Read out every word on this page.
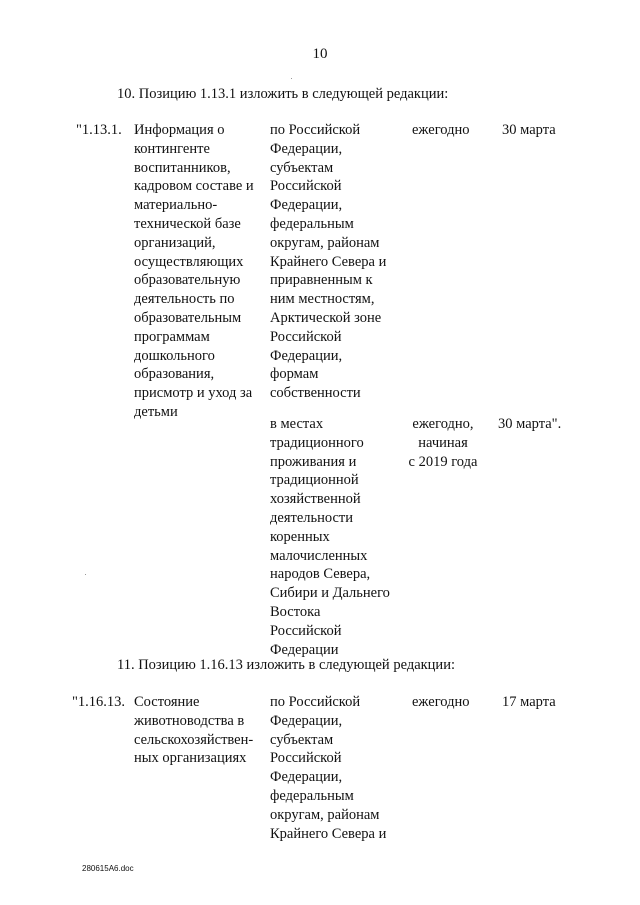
10
10. Позицию 1.13.1 изложить в следующей редакции:
"1.13.1. Информация о
контингенте
воспитанников,
кадровом составе и
материально-
технической базе
организаций,
осуществляющих
образовательную
деятельность по
образовательным
программам
дошкольного
образования,
присмотр и уход за
детьми
по Российской
Федерации,
субъектам
Российской
Федерации,
федеральным
округам, районам
Крайнего Севера и
приравненным к
ним местностям,
Арктической зоне
Российской
Федерации,
формам
собственности
ежегодно	30 марта
в местах
традиционного
проживания и
традиционной
хозяйственной
деятельности
коренных
малочисленных
народов Севера,
Сибири и Дальнего
Востока
Российской
Федерации
ежегодно,
начиная
с 2019 года
30 марта".
11. Позицию 1.16.13 изложить в следующей редакции:
"1.16.13. Состояние
животноводства в
сельскохозяйствен-
ных организациях
по Российской
Федерации,
субъектам
Российской
Федерации,
федеральным
округам, районам
Крайнего Севера и
ежегодно	17 марта
280615A6.doc
